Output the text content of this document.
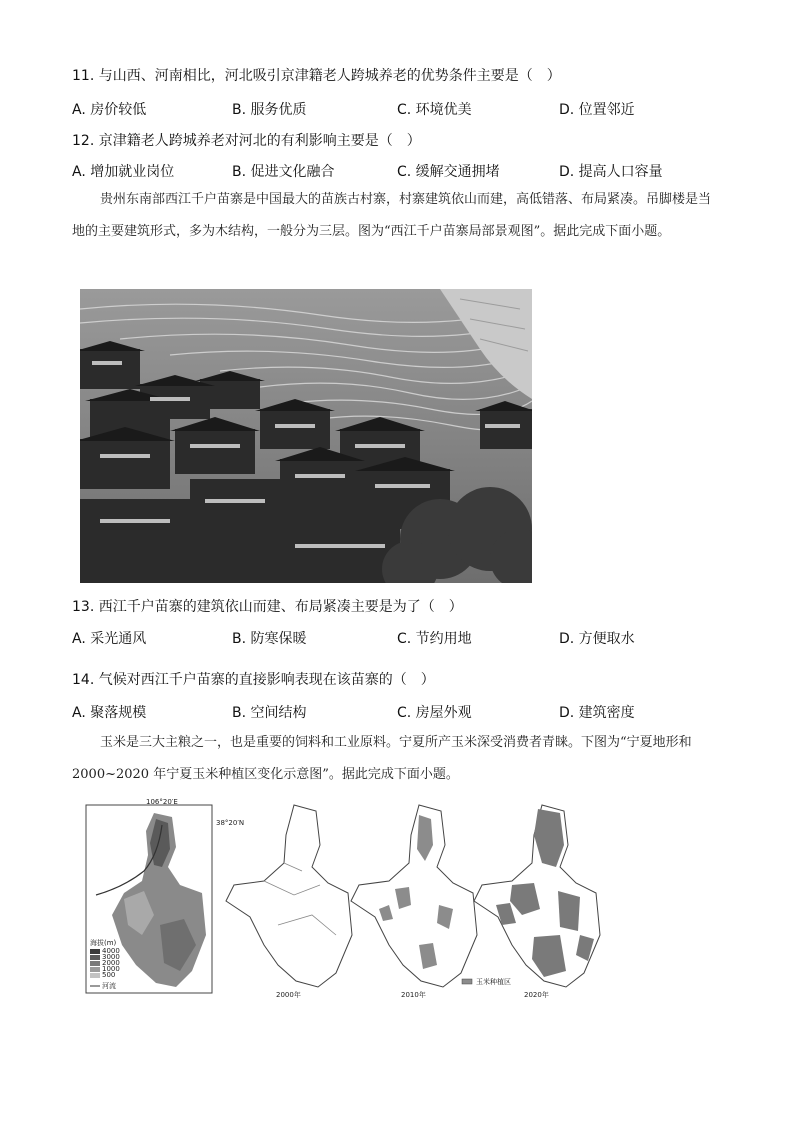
11. 与山西、河南相比，河北吸引京津籍老人跨城养老的优势条件主要是（　）
A. 房价较低	B. 服务优质	C. 环境优美	D. 位置邻近
12. 京津籍老人跨城养老对河北的有利影响主要是（　）
A. 增加就业岗位	B. 促进文化融合	C. 缓解交通拥堵	D. 提高人口容量
贵州东南部西江千户苗寨是中国最大的苗族古村寨，村寨建筑依山而建，高低错落、布局紧凑。吊脚楼是当地的主要建筑形式，多为木结构，一般分为三层。图为“西江千户苗寨局部景观图”。据此完成下面小题。
13. 西江千户苗寨的建筑依山而建、布局紧凑主要是为了（　）
A. 采光通风	B. 防寒保暖	C. 节约用地	D. 方便取水
14. 气候对西江千户苗寨的直接影响表现在该苗寨的（　）
A. 聚落规模	B. 空间结构	C. 房屋外观	D. 建筑密度
玉米是三大主粮之一，也是重要的饲料和工业原料。宁夏所产玉米深受消费者青睐。下图为“宁夏地形和 2000~2020 年宁夏玉米种植区变化示意图”。据此完成下面小题。
106°20′E
海拔(m)
4000
3000
2000
1000
500
河流
38°20′N
2000年	2010年
玉米种植区
2020年
